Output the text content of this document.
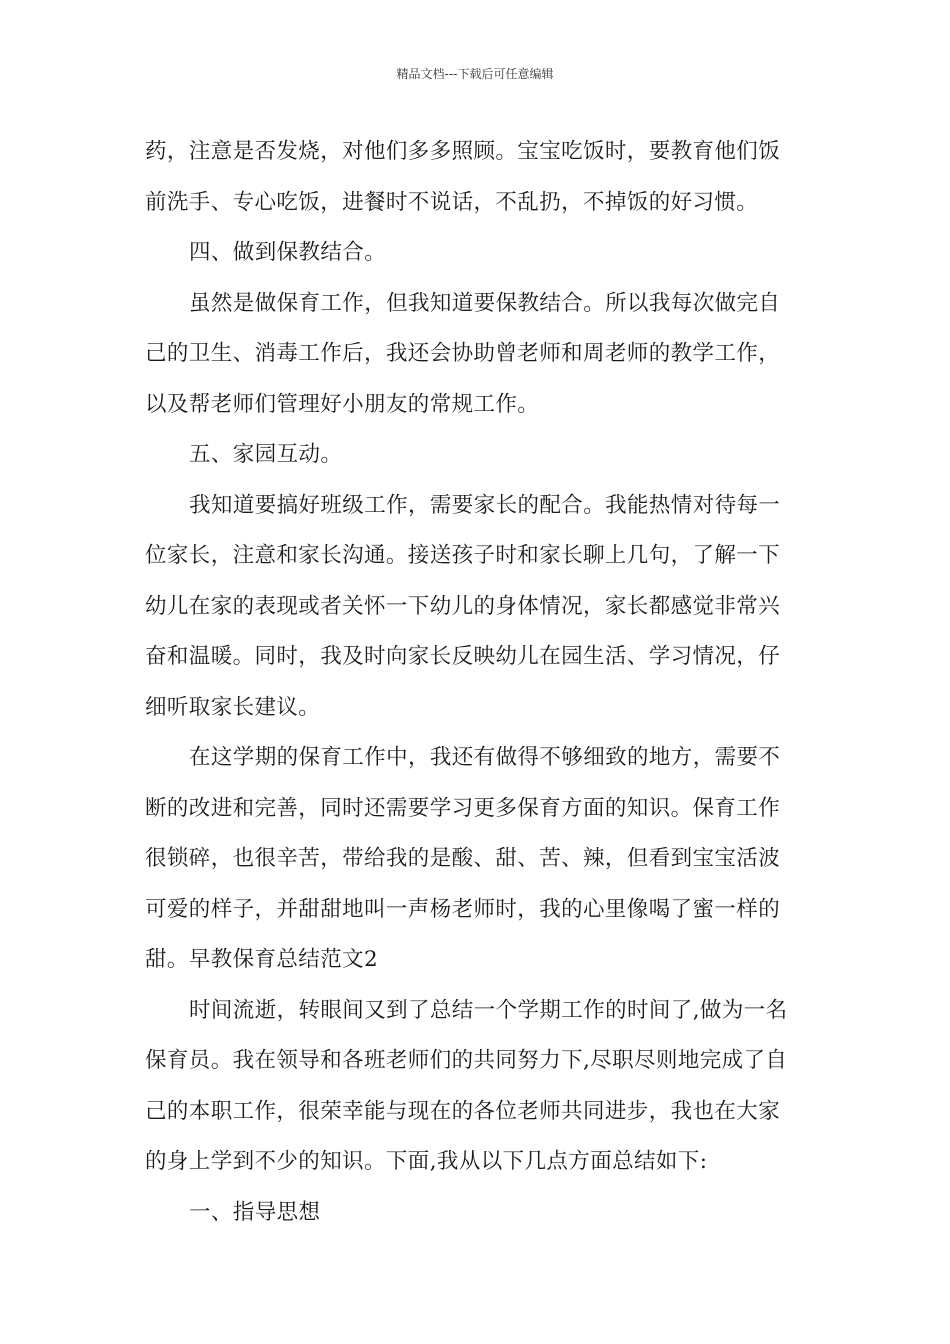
精品文档---下载后可任意编辑
药，注意是否发烧，对他们多多照顾。宝宝吃饭时，要教育他们饭
前洗手、专心吃饭，进餐时不说话，不乱扔，不掉饭的好习惯。
四、做到保教结合。
虽然是做保育工作，但我知道要保教结合。所以我每次做完自
己的卫生、消毒工作后，我还会协助曾老师和周老师的教学工作，
以及帮老师们管理好小朋友的常规工作。
五、家园互动。
我知道要搞好班级工作，需要家长的配合。我能热情对待每一
位家长，注意和家长沟通。接送孩子时和家长聊上几句，了解一下
幼儿在家的表现或者关怀一下幼儿的身体情况，家长都感觉非常兴
奋和温暖。同时，我及时向家长反映幼儿在园生活、学习情况，仔
细听取家长建议。
在这学期的保育工作中，我还有做得不够细致的地方，需要不
断的改进和完善，同时还需要学习更多保育方面的知识。保育工作
很锁碎，也很辛苦，带给我的是酸、甜、苦、辣，但看到宝宝活波
可爱的样子，并甜甜地叫一声杨老师时，我的心里像喝了蜜一样的
甜。早教保育总结范文2
时间流逝，转眼间又到了总结一个学期工作的时间了,做为一名
保育员。我在领导和各班老师们的共同努力下,尽职尽则地完成了自
己的本职工作，很荣幸能与现在的各位老师共同进步，我也在大家
的身上学到不少的知识。下面,我从以下几点方面总结如下:
一、指导思想
